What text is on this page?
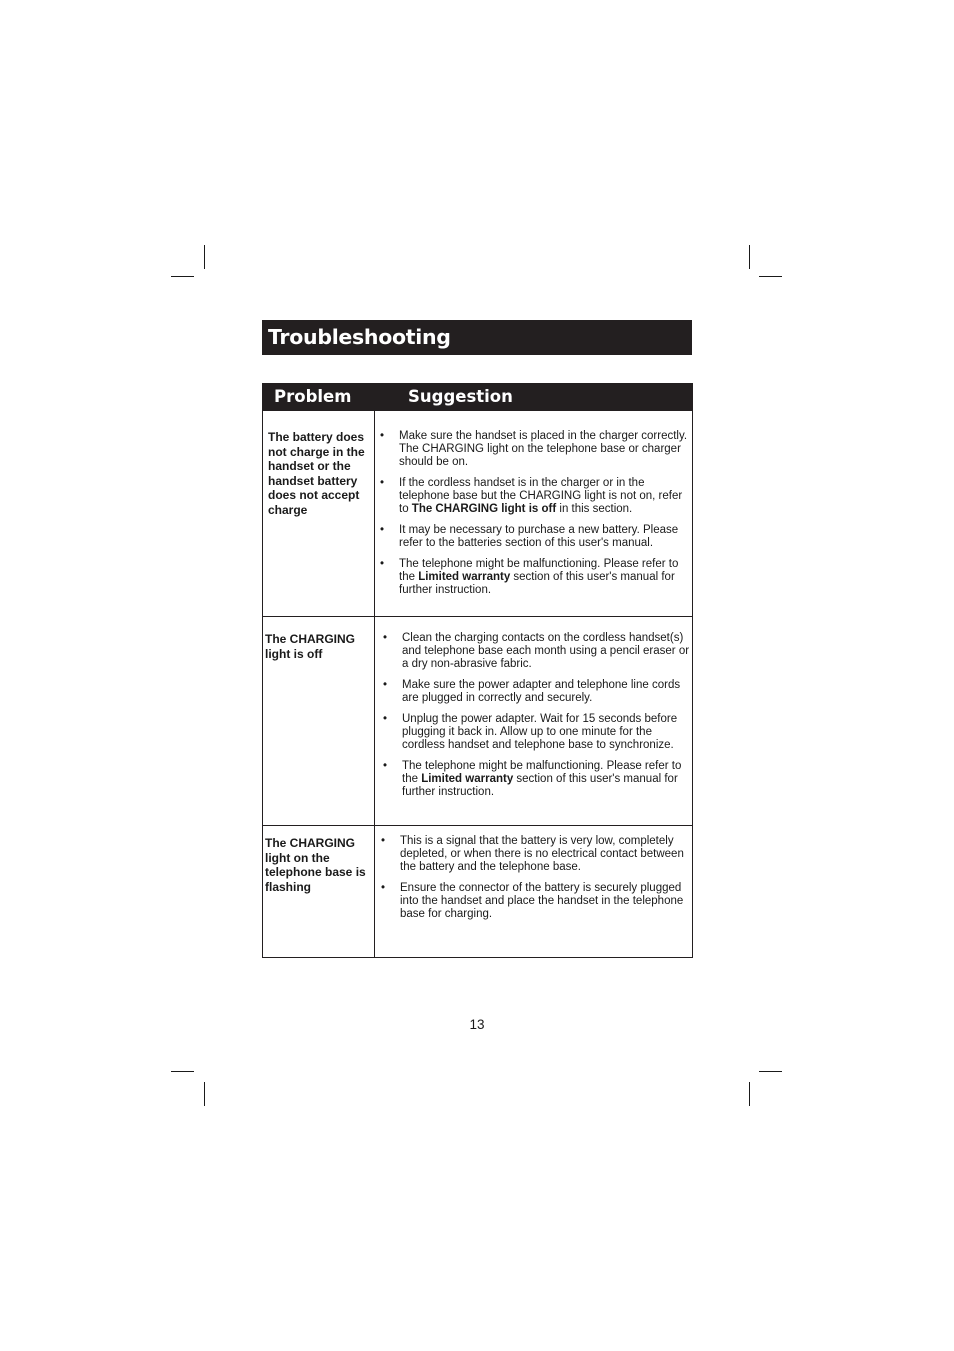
Troubleshooting
Problem	Suggestion
The battery does not charge in the handset or the handset battery does not accept charge
• Make sure the handset is placed in the charger correctly. The CHARGING light on the telephone base or charger should be on.
• If the cordless handset is in the charger or in the telephone base but the CHARGING light is not on, refer to The CHARGING light is off in this section.
• It may be necessary to purchase a new battery. Please refer to the batteries section of this user's manual.
• The telephone might be malfunctioning. Please refer to the Limited warranty section of this user's manual for further instruction.
The CHARGING light is off
• Clean the charging contacts on the cordless handset(s) and telephone base each month using a pencil eraser or a dry non-abrasive fabric.
• Make sure the power adapter and telephone line cords are plugged in correctly and securely.
• Unplug the power adapter. Wait for 15 seconds before plugging it back in. Allow up to one minute for the cordless handset and telephone base to synchronize.
• The telephone might be malfunctioning. Please refer to the Limited warranty section of this user's manual for further instruction.
The CHARGING light on the telephone base is flashing
• This is a signal that the battery is very low, completely depleted, or when there is no electrical contact between the battery and the telephone base.
• Ensure the connector of the battery is securely plugged into the handset and place the handset in the telephone base for charging.
13
